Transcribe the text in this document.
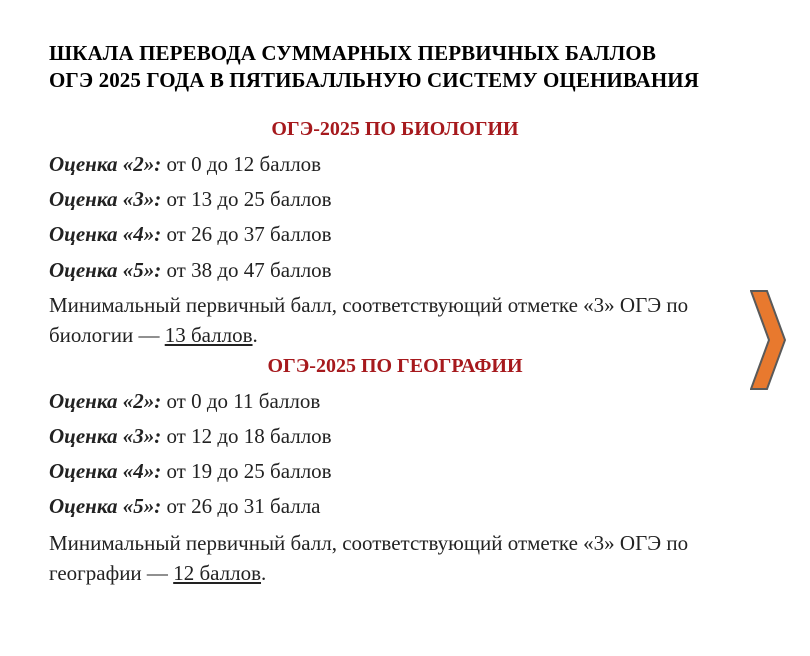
ШКАЛА ПЕРЕВОДА СУММАРНЫХ ПЕРВИЧНЫХ БАЛЛОВ
ОГЭ 2025 ГОДА В ПЯТИБАЛЛЬНУЮ СИСТЕМУ ОЦЕНИВАНИЯ
ОГЭ-2025 ПО БИОЛОГИИ
Оценка «2»: от 0 до 12 баллов
Оценка «3»: от 13 до 25 баллов
Оценка «4»: от 26 до 37 баллов
Оценка «5»: от 38 до 47 баллов
Минимальный первичный балл, соответствующий отметке «3» ОГЭ по биологии — 13 баллов.
ОГЭ-2025 ПО ГЕОГРАФИИ
Оценка «2»: от 0 до 11 баллов
Оценка «3»: от 12 до 18 баллов
Оценка «4»: от 19 до 25 баллов
Оценка «5»: от 26 до 31 балла
Минимальный первичный балл, соответствующий отметке «3» ОГЭ по географии — 12 баллов.
